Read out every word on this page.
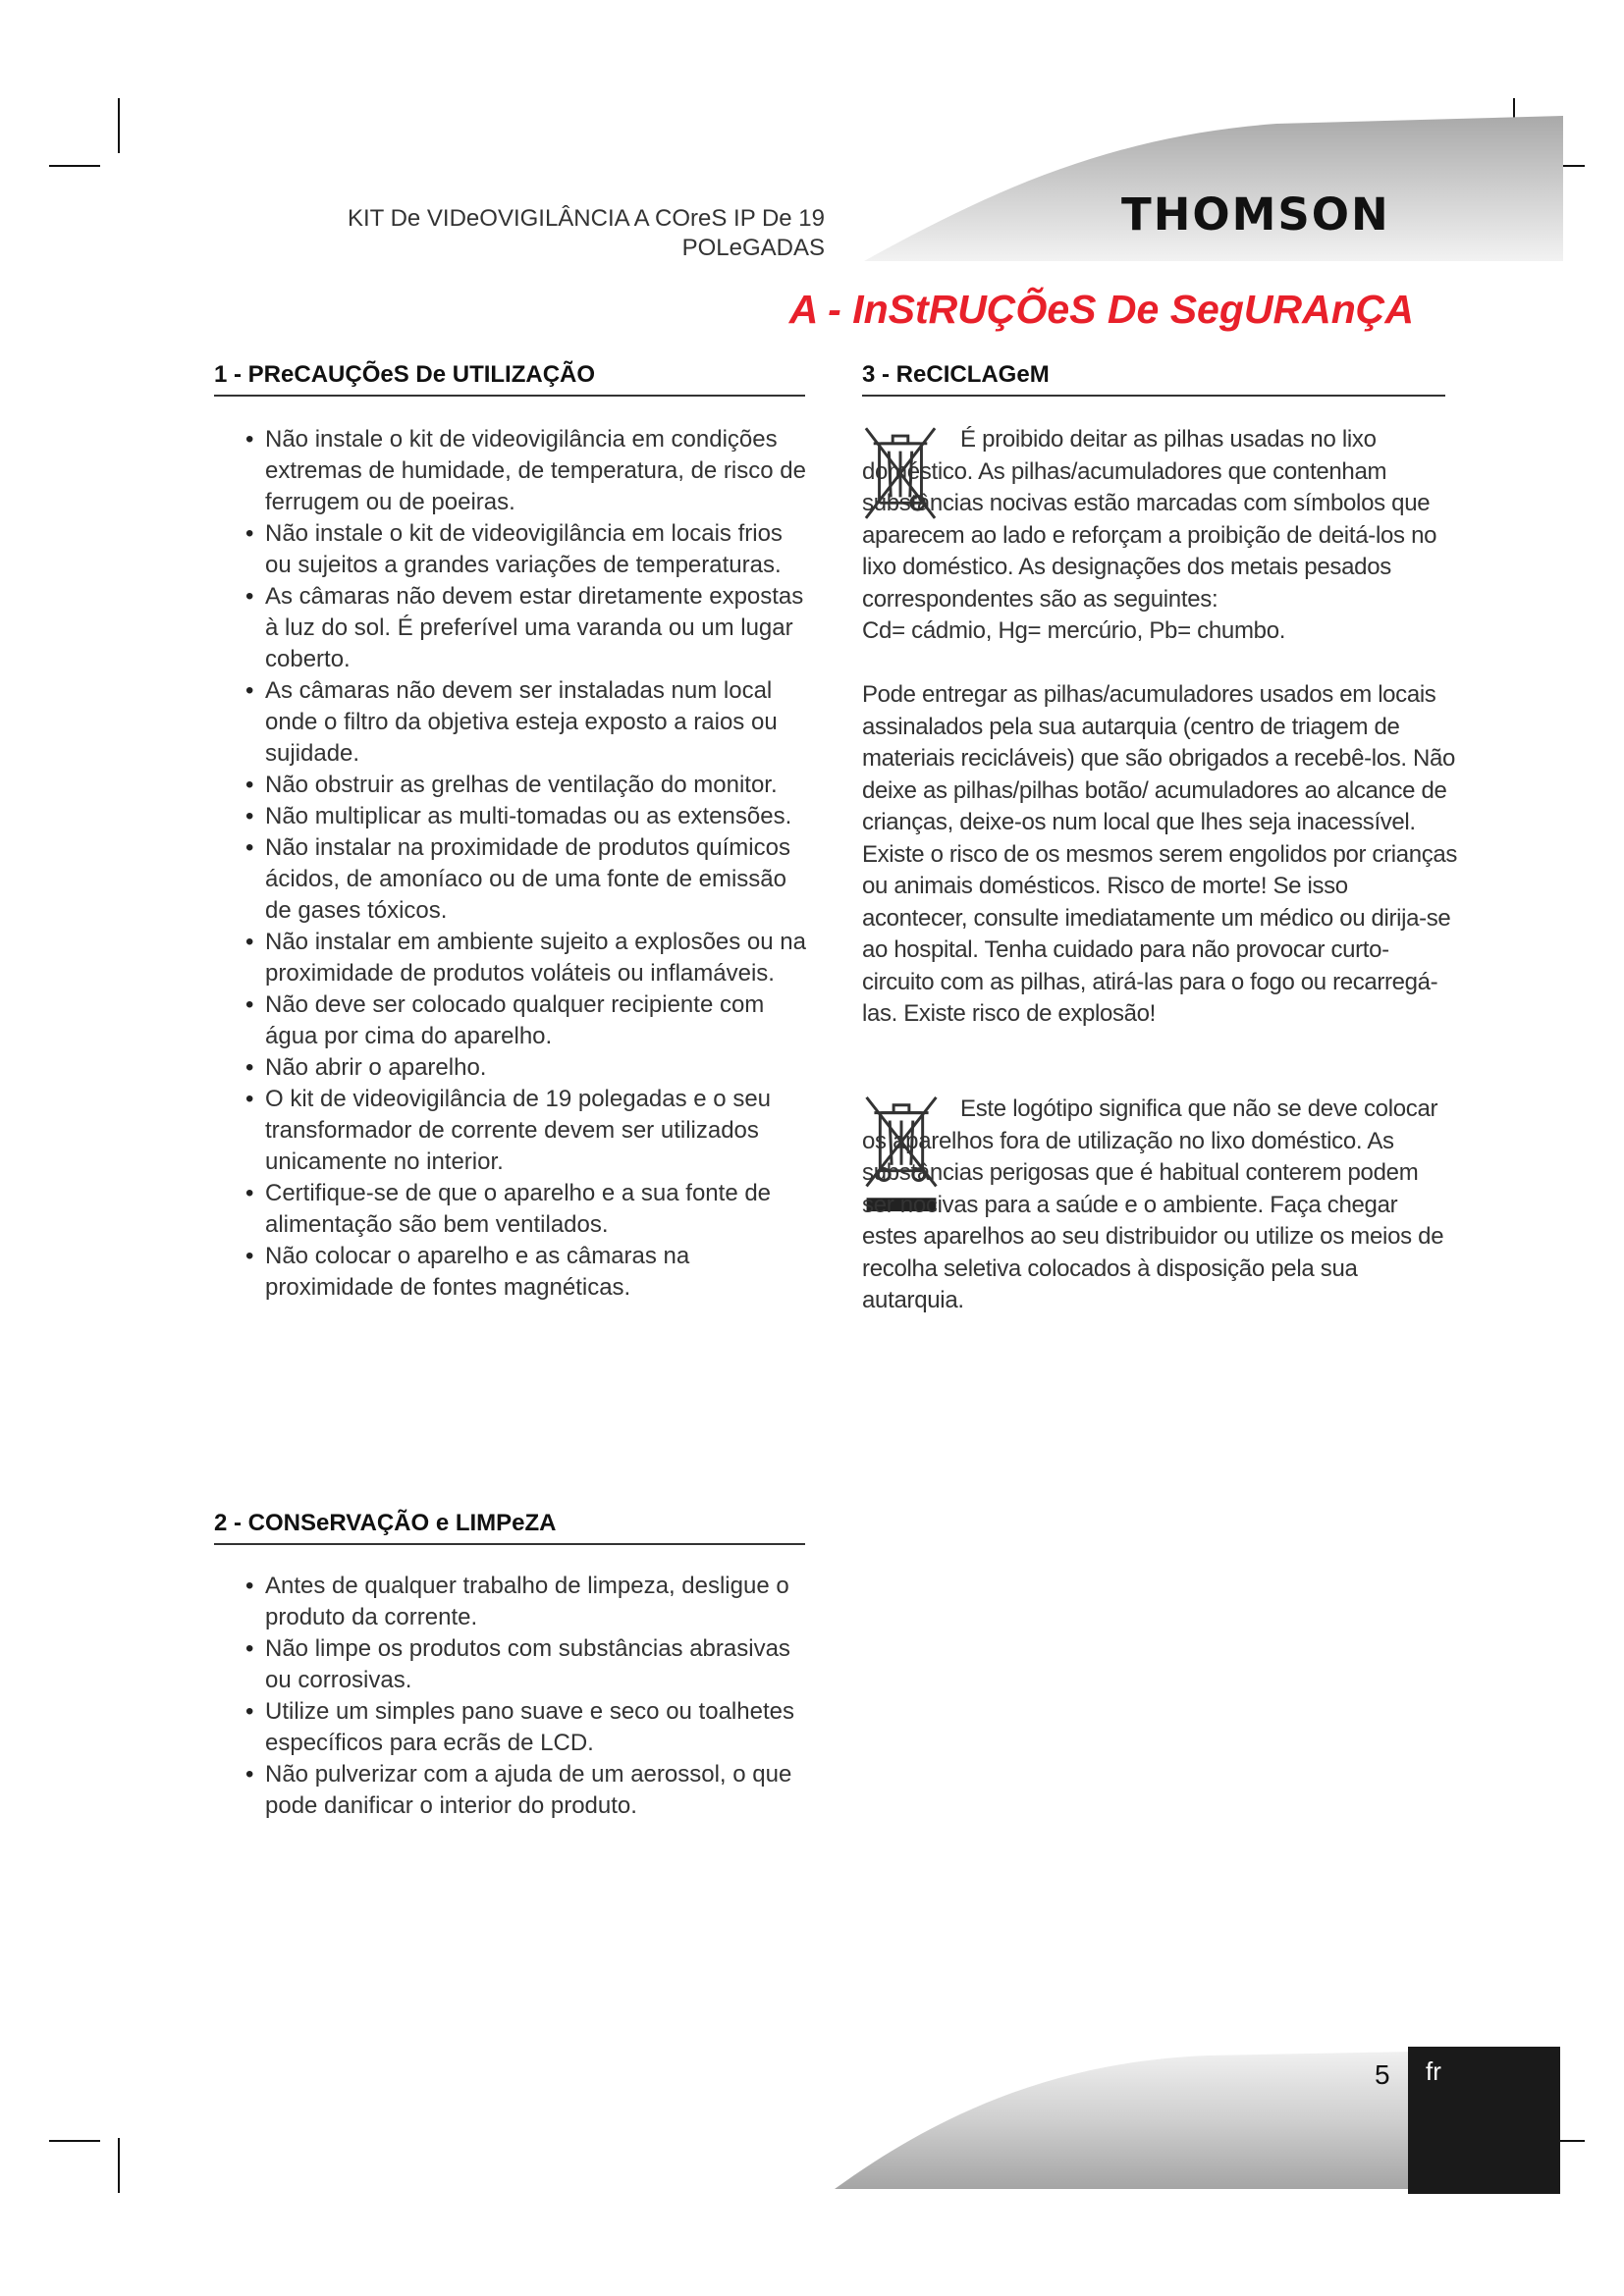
THOMSON
KIT De VIDeOVIGILÂNCIA A COreS IP De 19
POLeGADAS
A - InStRUÇÕeS De SegURAnÇA
1 - PReCAUÇÕeS De UTILIZAÇÃO
• Não instale o kit de videovigilância em condições extremas de humidade, de temperatura, de risco de ferrugem ou de poeiras.
• Não instale o kit de videovigilância em locais frios ou sujeitos a grandes variações de temperaturas.
• As câmaras não devem estar diretamente expostas à luz do sol. É preferível uma varanda ou um lugar coberto.
• As câmaras não devem ser instaladas num local onde o filtro da objetiva esteja exposto a raios ou sujidade.
• Não obstruir as grelhas de ventilação do monitor.
• Não multiplicar as multi-tomadas ou as extensões.
• Não instalar na proximidade de produtos químicos ácidos, de amoníaco ou de uma fonte de emissão de gases tóxicos.
• Não instalar em ambiente sujeito a explosões ou na proximidade de produtos voláteis ou inflamáveis.
• Não deve ser colocado qualquer recipiente com água por cima do aparelho.
• Não abrir o aparelho.
• O kit de videovigilância de 19 polegadas e o seu transformador de corrente devem ser utilizados unicamente no interior.
• Certifique-se de que o aparelho e a sua fonte de alimentação são bem ventilados.
• Não colocar o aparelho e as câmaras na proximidade de fontes magnéticas.
2 - CONSeRVAÇÃO e LIMPeZA
• Antes de qualquer trabalho de limpeza, desligue o produto da corrente.
• Não limpe os produtos com substâncias abrasivas ou corrosivas.
• Utilize um simples pano suave e seco ou toalhetes específicos para ecrãs de LCD.
• Não pulverizar com a ajuda de um aerossol, o que pode danificar o interior do produto.
3 - ReCICLAGeM
É proibido deitar as pilhas usadas no lixo doméstico. As pilhas/acumuladores que contenham substâncias nocivas estão marcadas com símbolos que aparecem ao lado e reforçam a proibição de deitá-los no lixo doméstico. As designações dos metais pesados correspondentes são as seguintes:
Cd= cádmio, Hg= mercúrio, Pb= chumbo.
Pode entregar as pilhas/acumuladores usados em locais assinalados pela sua autarquia (centro de triagem de materiais recicláveis) que são obrigados a recebê-los. Não deixe as pilhas/pilhas botão/ acumuladores ao alcance de crianças, deixe-os num local que lhes seja inacessível. Existe o risco de os mesmos serem engolidos por crianças ou animais domésticos. Risco de morte! Se isso acontecer, consulte imediatamente um médico ou dirija-se ao hospital. Tenha cuidado para não provocar curto-circuito com as pilhas, atirá-las para o fogo ou recarregá-las. Existe risco de explosão!
Este logótipo significa que não se deve colocar os aparelhos fora de utilização no lixo doméstico. As substâncias perigosas que é habitual conterem podem ser nocivas para a saúde e o ambiente. Faça chegar estes aparelhos ao seu distribuidor ou utilize os meios de recolha seletiva colocados à disposição pela sua autarquia.
5 fr
